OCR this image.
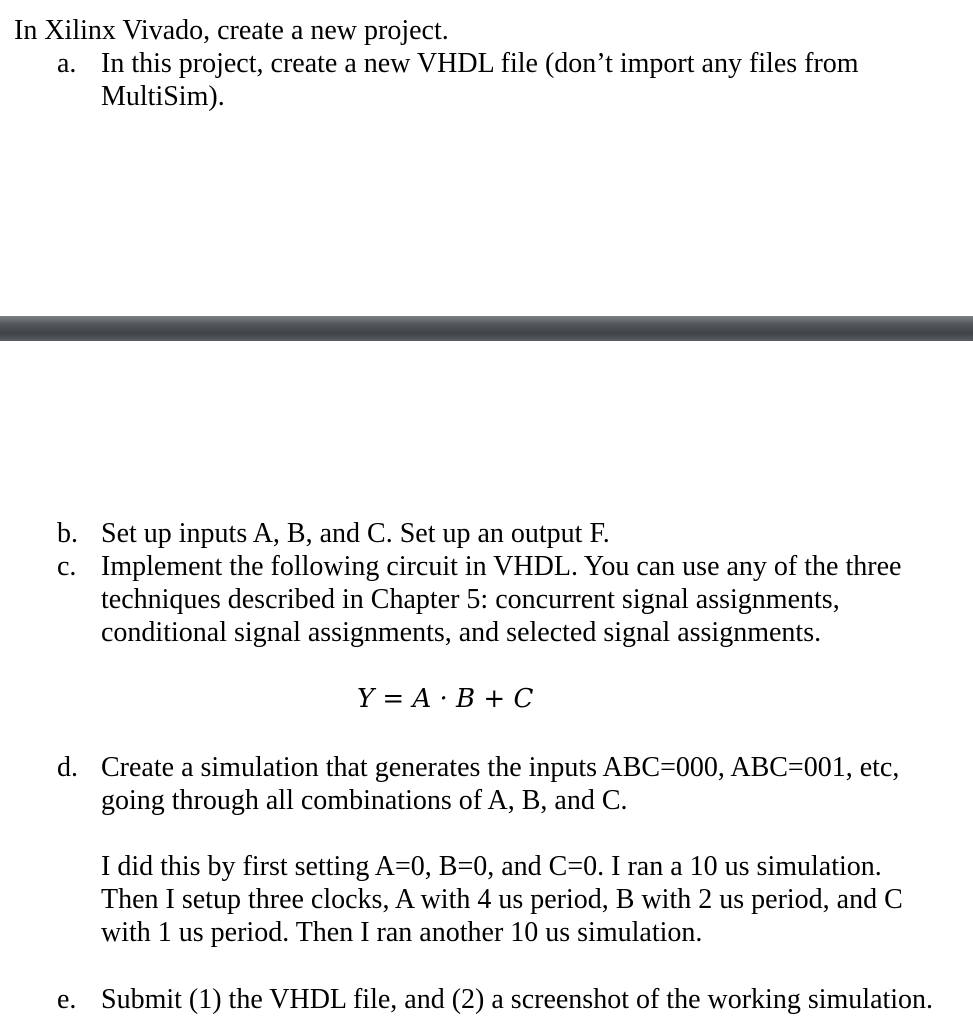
In Xilinx Vivado, create a new project.
a. In this project, create a new VHDL file (don’t import any files from
MultiSim).
b. Set up inputs A, B, and C. Set up an output F.
c. Implement the following circuit in VHDL. You can use any of the three
techniques described in Chapter 5: concurrent signal assignments,
conditional signal assignments, and selected signal assignments.
Y = A · B + C
d. Create a simulation that generates the inputs ABC=000, ABC=001, etc,
going through all combinations of A, B, and C.
I did this by first setting A=0, B=0, and C=0. I ran a 10 us simulation.
Then I setup three clocks, A with 4 us period, B with 2 us period, and C
with 1 us period. Then I ran another 10 us simulation.
e. Submit (1) the VHDL file, and (2) a screenshot of the working simulation.
